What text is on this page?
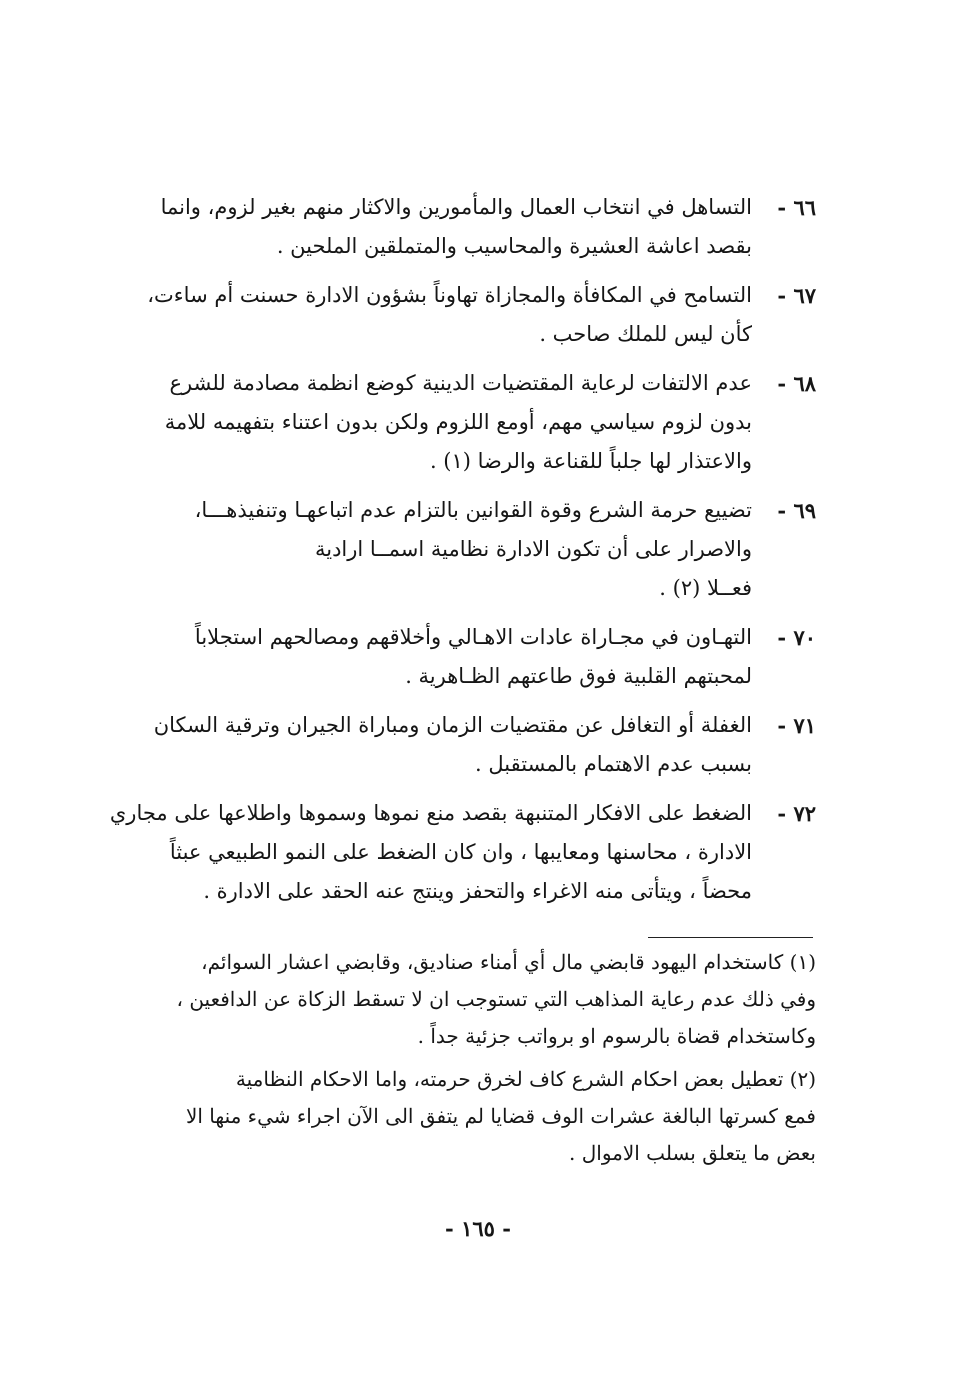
٦٦ -
التساهل في انتخاب العمال والمأمورين والاكثار منهم بغير لزوم، وانما
بقصد اعاشة العشيرة والمحاسيب والمتملقين الملحين .
٦٧ -
التسامح في المكافأة والمجازاة تهاوناً بشؤون الادارة حسنت أم ساءت،
كأن ليس للملك صاحب .
٦٨ -
عدم الالتفات لرعاية المقتضيات الدينية كوضع انظمة مصادمة للشرع
بدون لزوم سياسي مهم، أومع اللزوم ولكن بدون اعتناء بتفهيمه للامة
والاعتذار لها جلباً للقناعة والرضا (١) .
٦٩ -
تضييع حرمة الشرع وقوة القوانين بالتزام عدم اتباعهـا وتنفيذهـــا،
والاصرار على أن تكون الادارة نظامية اسمــا ارادية
فعــلا (٢) .
٧٠ -
التهـاون في مجـاراة عادات الاهـالي وأخلاقهم ومصالحهم استجلاباً
لمحبتهم القلبية فوق طاعتهم الظـاهرية .
٧١ -
الغفلة أو التغافل عن مقتضيات الزمان ومباراة الجيران وترقية السكان
بسبب عدم الاهتمام بالمستقبل .
٧٢ -
الضغط على الافكار المتنبهة بقصد منع نموها وسموها واطلاعها على مجاري
الادارة ، محاسنها ومعايبها ، وان كان الضغط على النمو الطبيعي عبثاً
محضاً ، ويتأتى منه الاغراء والتحفز وينتج عنه الحقد على الادارة .
(١) كاستخدام اليهود قابضي مال أي أمناء صناديق، وقابضي اعشار السوائم،
وفي ذلك عدم رعاية المذاهب التي تستوجب ان لا تسقط الزكاة عن الدافعين ،
وكاستخدام قضاة بالرسوم او برواتب جزئية جداً .
(٢) تعطيل بعض احكام الشرع كاف لخرق حرمته، واما الاحكام النظامية
فمع كسرتها البالغة عشرات الوف قضايا لم يتفق الى الآن اجراء شيء منها الا
بعض ما يتعلق بسلب الاموال .
- ١٦٥ -
